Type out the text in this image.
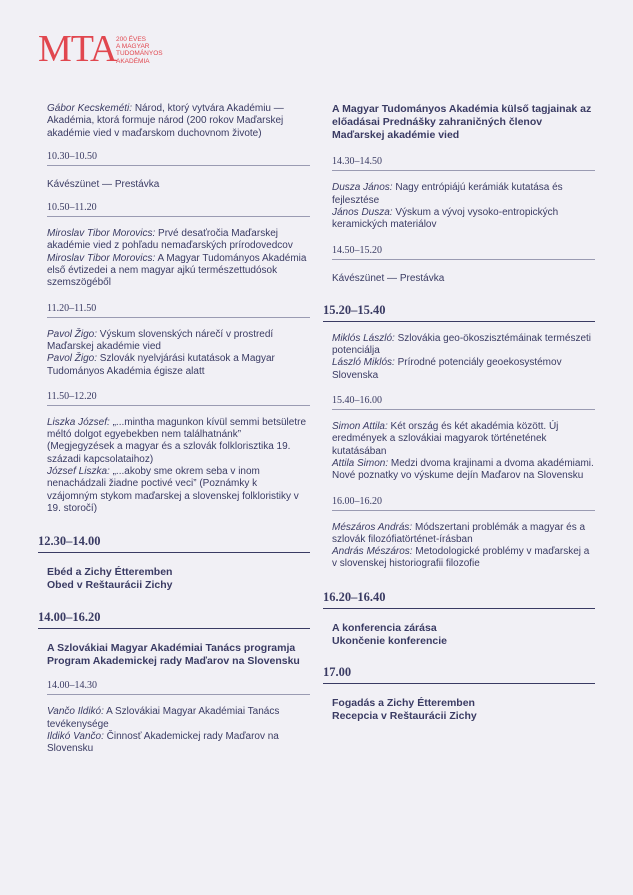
MTA 200 ÉVES
A MAGYAR
TUDOMÁNYOS
AKADÉMIA

Gábor Kecskeméti: Národ, ktorý vytvára Akadémiu — Akadémia, ktorá formuje národ (200 rokov Maďarskej akadémie vied v maďarskom duchovnom živote)

10.30–10.50

Kávészünet — Prestávka

10.50–11.20

Miroslav Tibor Morovics: Prvé desaťročia Maďarskej akadémie vied z pohľadu nemaďarských prírodovedcov

Miroslav Tibor Morovics: A Magyar Tudományos Akadémia első évtizedei a nem magyar ajkú természettudósok szemszögéből

11.20–11.50

Pavol Žigo: Výskum slovenských nárečí v prostredí Maďarskej akadémie vied

Pavol Žigo: Szlovák nyelvjárási kutatások a Magyar Tudományos Akadémia égisze alatt

11.50–12.20

Liszka József: „...mintha magunkon kívül semmi betsületre méltó dolgot egyebekben nem találhatnánk” (Megjegyzések a magyar és a szlovák folklorisztika 19. századi kapcsolataihoz)

József Liszka: „...akoby sme okrem seba v inom nenachádzali žiadne poctivé veci” (Poznámky k vzájomným stykom maďarskej a slovenskej folkloristiky v 19. storočí)

12.30–14.00

Ebéd a Zichy Étteremben

Obed v Reštaurácii Zichy

14.00–16.20

A Szlovákiai Magyar Akadémiai Tanács programja Program Akademickej rady Maďarov na Slovensku

14.00–14.30

Vančo Ildikó: A Szlovákiai Magyar Akadémiai Tanács tevékenysége

Ildikó Vančo: Činnosť Akademickej rady Maďarov na Slovensku

A Magyar Tudományos Akadémia külső tagjainak az előadásai Prednášky zahraničných členov Maďarskej akadémie vied

14.30–14.50

Dusza János: Nagy entrópiájú kerámiák kutatása és fejlesztése

János Dusza: Výskum a vývoj vysoko-entropických keramických materiálov

14.50–15.20

Kávészünet — Prestávka

15.20–15.40

Miklós László: Szlovákia geo-ökoszisztémáinak természeti potenciálja

László Miklós: Prírodné potenciály geoekosystémov Slovenska

15.40–16.00

Simon Attila: Két ország és két akadémia között. Új eredmények a szlovákiai magyarok történetének kutatásában

Attila Simon: Medzi dvoma krajinami a dvoma akadémiami. Nové poznatky vo výskume dejín Maďarov na Slovensku

16.00–16.20

Mészáros András: Módszertani problémák a magyar és a szlovák filozófiatörténet-írásban

András Mészáros: Metodologické problémy v maďarskej a v slovenskej historiografii filozofie

16.20–16.40

A konferencia zárása

Ukončenie konferencie

17.00

Fogadás a Zichy Étteremben

Recepcia v Reštaurácii Zichy
